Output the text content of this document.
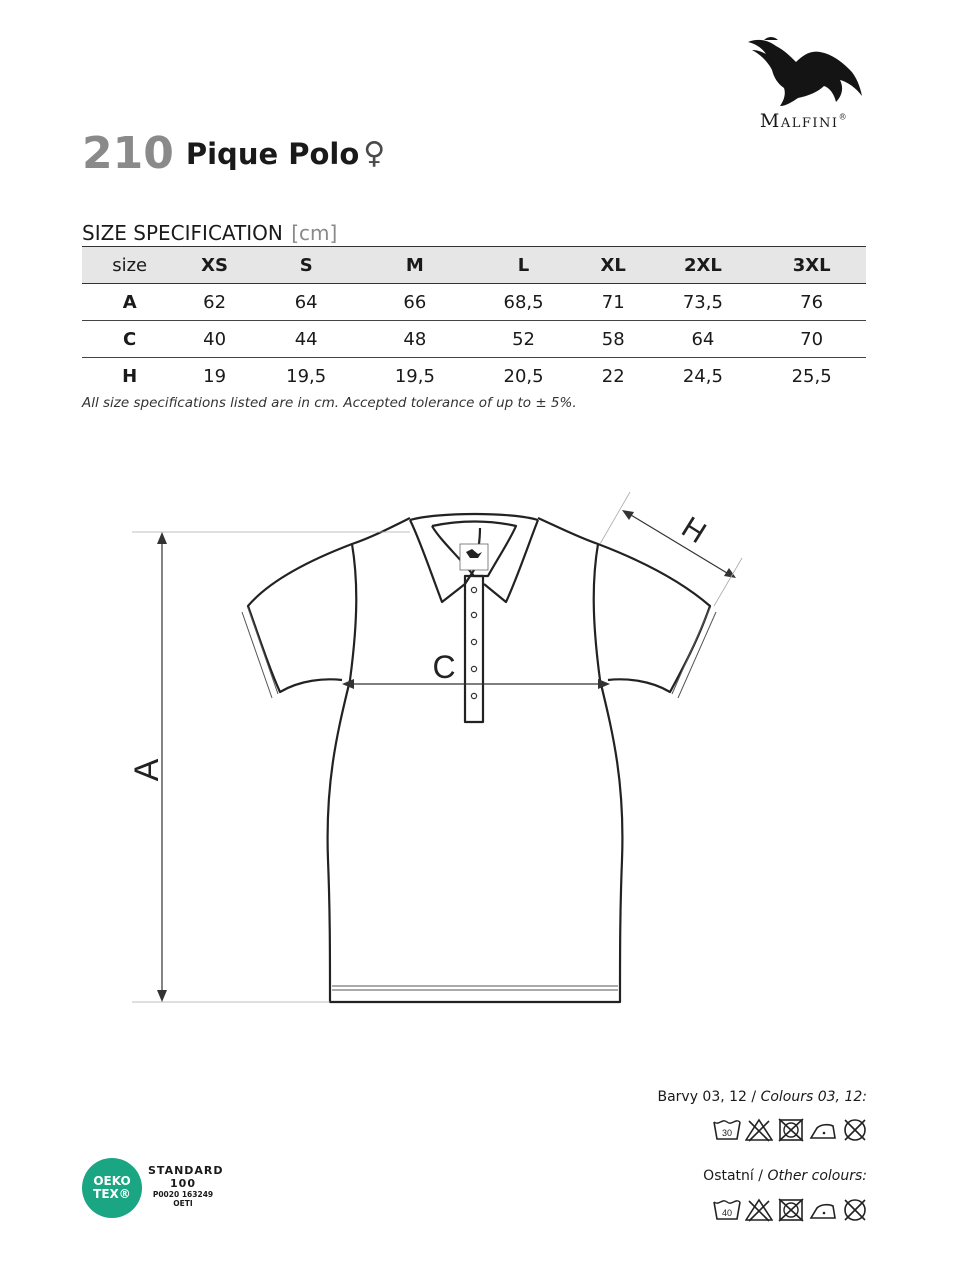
Malfini®
210 Pique Polo ♀
SIZE SPECIFICATION [cm]
size	XS	S	M	L	XL	2XL	3XL
A	62	64	66	68,5	71	73,5	76
C	40	44	48	52	58	64	70
H	19	19,5	19,5	20,5	22	24,5	25,5
All size specifications listed are in cm. Accepted tolerance of up to ± 5%.
A
C
H
Barvy 03, 12 / Colours 03, 12:
30
Ostatní / Other colours:
40
OEKO
TEX®
STANDARD
100
P0020 163249
OETI
